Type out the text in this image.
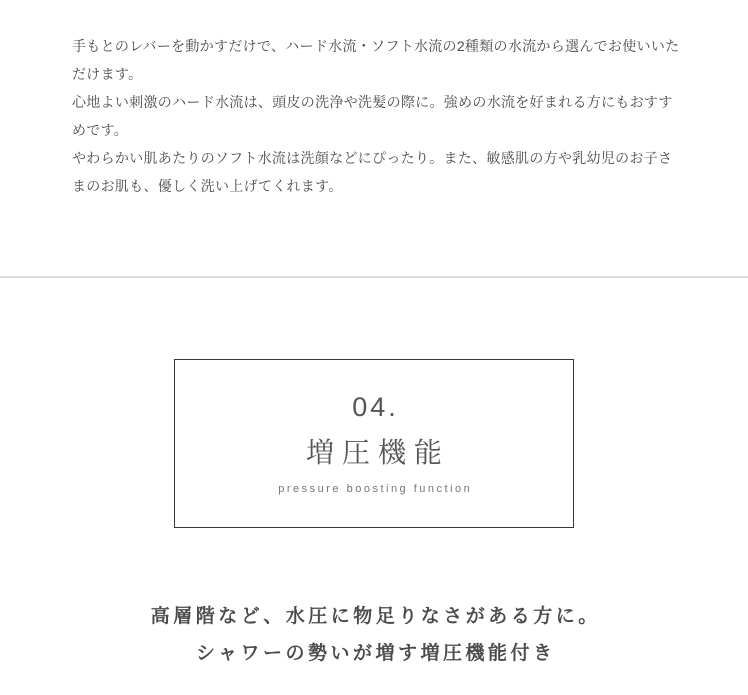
手もとのレバーを動かすだけで、ハード水流・ソフト水流の2種類の水流から選んでお使いいただけます。

心地よい刺激のハード水流は、頭皮の洗浄や洗髪の際に。強めの水流を好まれる方にもおすすめです。

やわらかい肌あたりのソフト水流は洗顔などにぴったり。また、敏感肌の方や乳幼児のお子さまのお肌も、優しく洗い上げてくれます。

04.
増圧機能
pressure boosting function

高層階など、水圧に物足りなさがある方に。
シャワーの勢いが増す増圧機能付き
